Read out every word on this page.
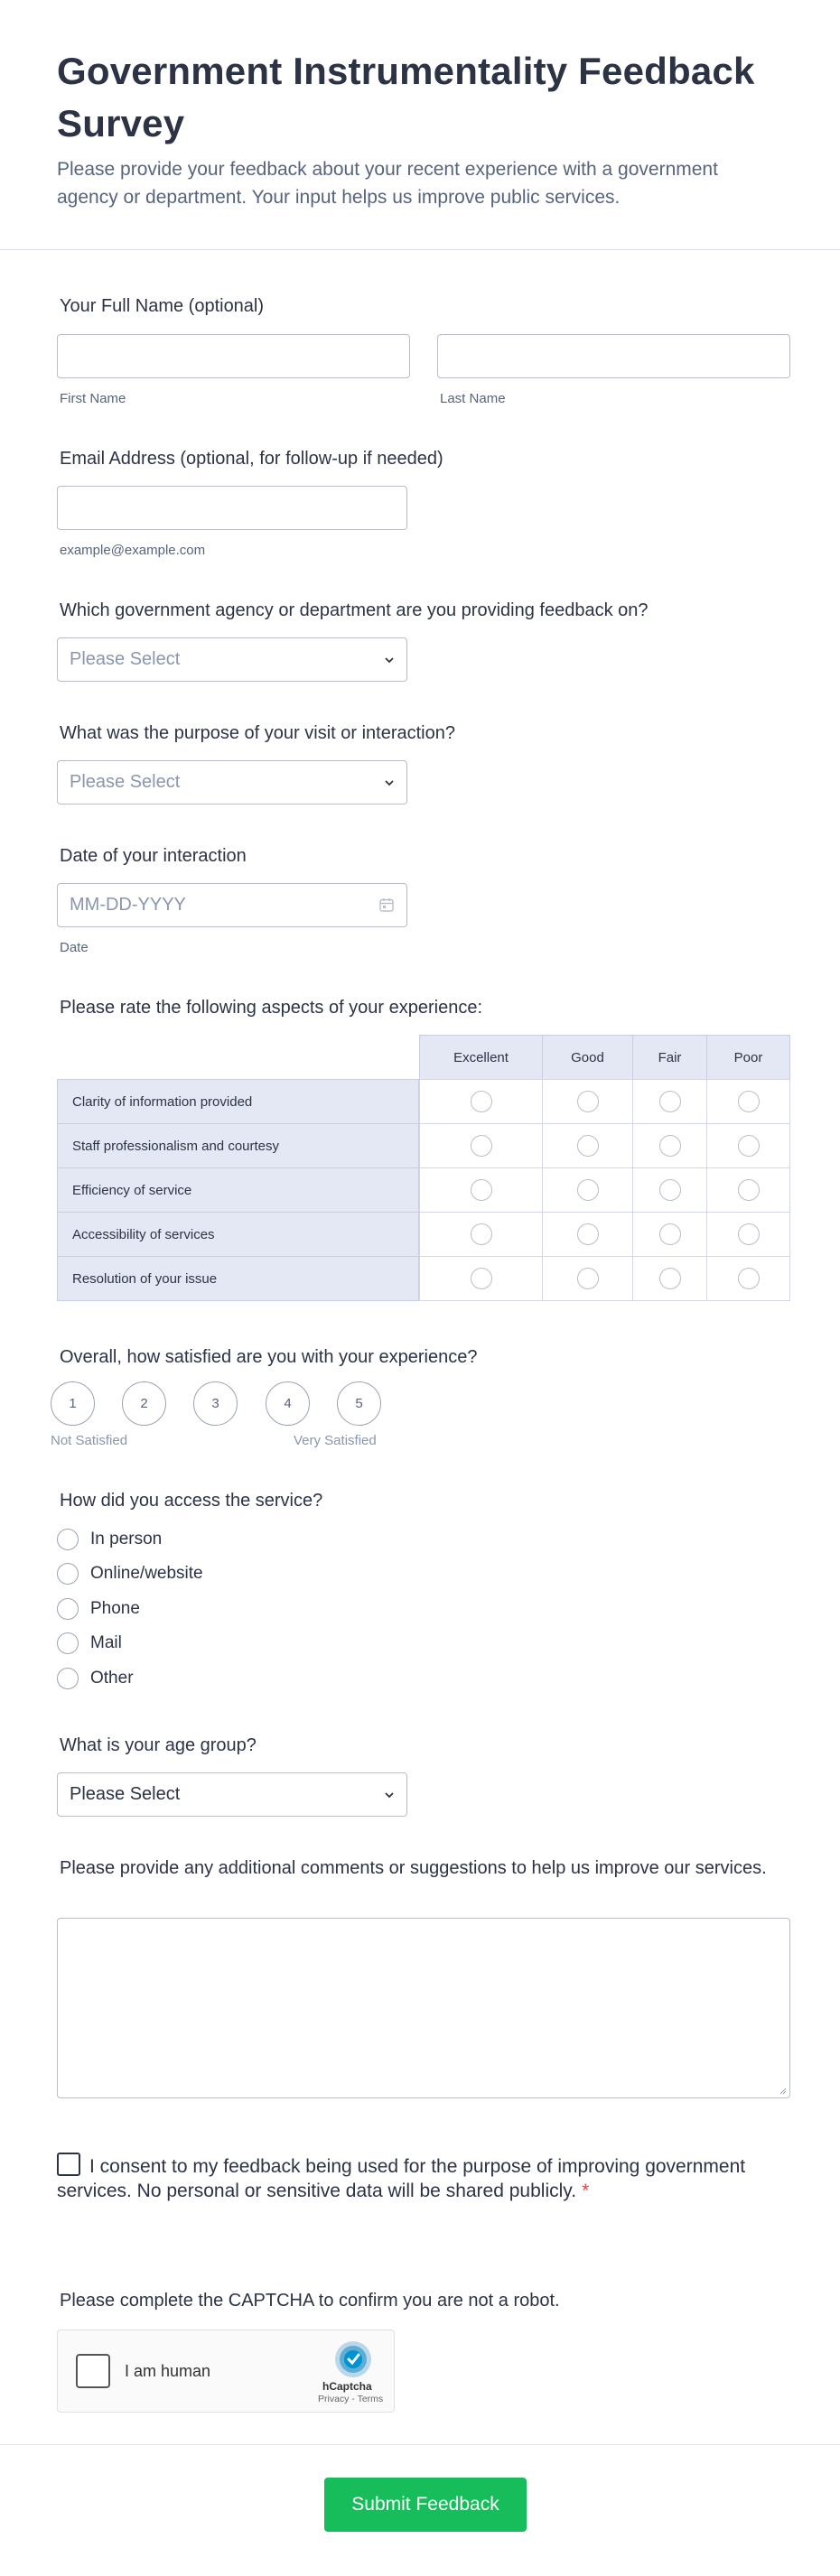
Government Instrumentality Feedback Survey
Please provide your feedback about your recent experience with a government agency or department. Your input helps us improve public services.
Your Full Name (optional)
First Name	Last Name
Email Address (optional, for follow-up if needed)
example@example.com
Which government agency or department are you providing feedback on?
Please Select
What was the purpose of your visit or interaction?
Please Select
Date of your interaction
MM-DD-YYYY
Date
Please rate the following aspects of your experience:
Excellent	Good	Fair	Poor
Clarity of information provided
Staff professionalism and courtesy
Efficiency of service
Accessibility of services
Resolution of your issue
Overall, how satisfied are you with your experience?
1	2	3	4	5
Not Satisfied	Very Satisfied
How did you access the service?
In person
Online/website
Phone
Mail
Other
What is your age group?
Please Select
Please provide any additional comments or suggestions to help us improve our services.
I consent to my feedback being used for the purpose of improving government services. No personal or sensitive data will be shared publicly. *
Please complete the CAPTCHA to confirm you are not a robot.
I am human
hCaptcha
Privacy - Terms
Submit Feedback
